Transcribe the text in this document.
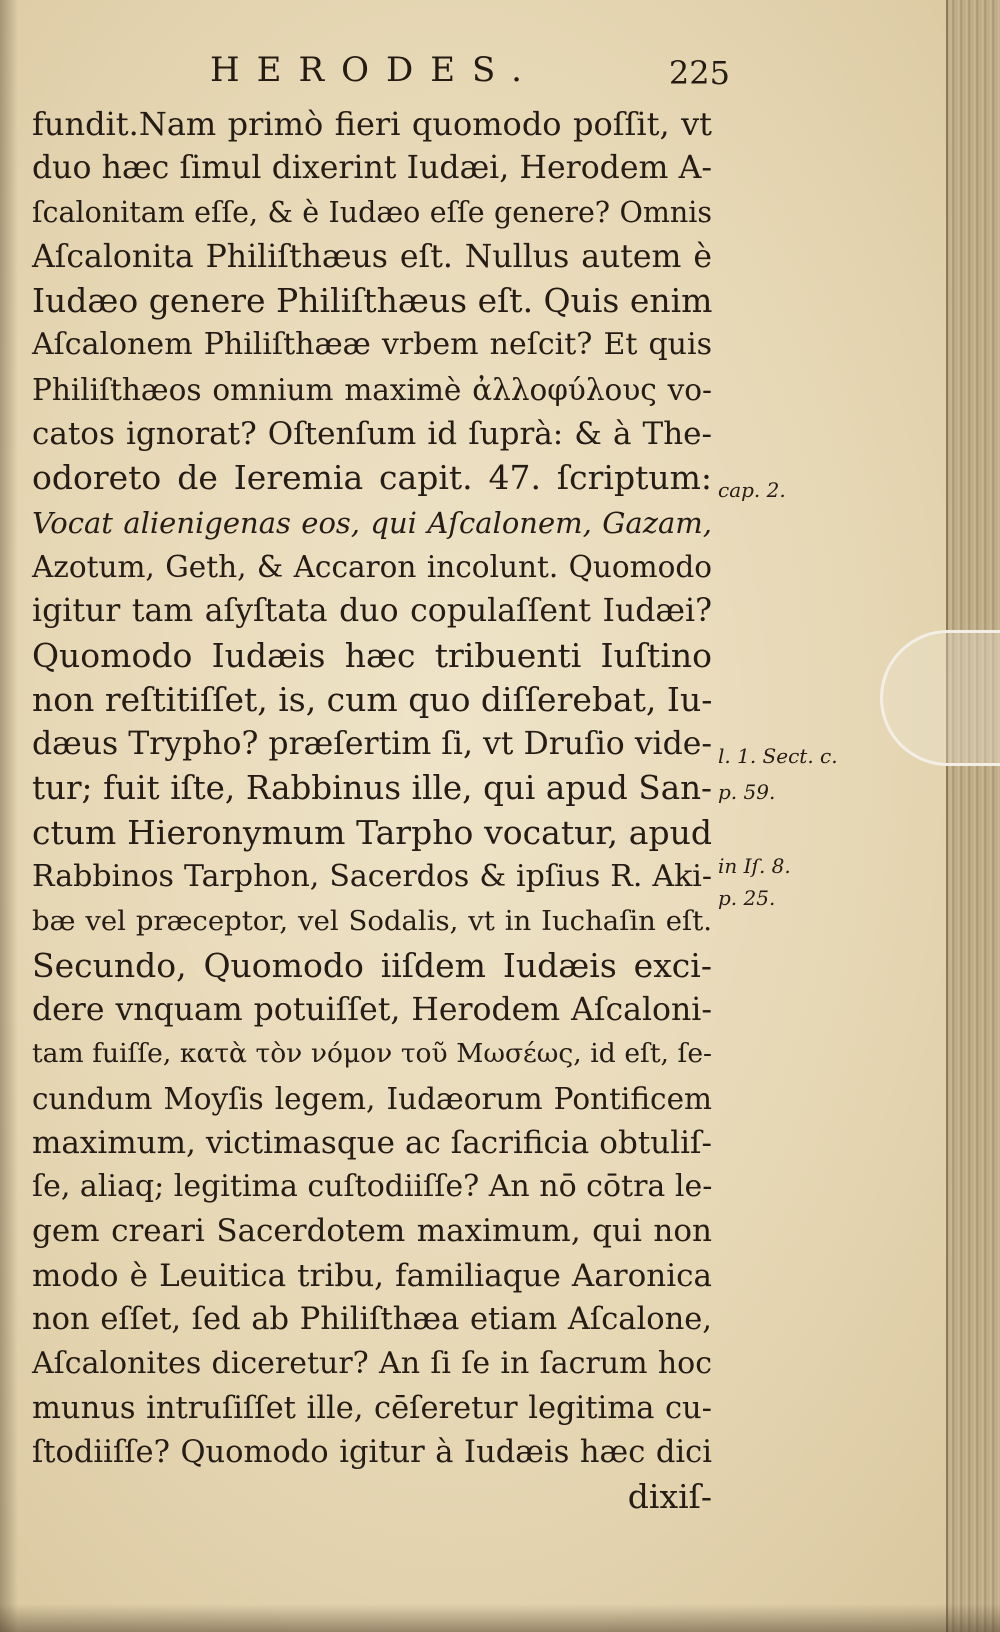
HERODES.	225
fundit.Nam primò fieri quomodo poſſit, vt
duo hæc ſimul dixerint Iudæi, Herodem A-
ſcalonitam eſſe, & è Iudæo eſſe genere? Omnis
Aſcalonita Philiſthæus eſt. Nullus autem è
Iudæo genere Philiſthæus eſt. Quis enim
Aſcalonem Philiſthææ vrbem neſcit? Et quis
Philiſthæos omnium maximè ἀλλοφύλους vo-
catos ignorat? Oſtenſum id ſuprà: & à The-
odoreto de Ieremia capit. 47. ſcriptum:
Vocat alienigenas eos, qui Aſcalonem, Gazam,
Azotum, Geth, & Accaron incolunt. Quomodo
igitur tam aſyſtata duo copulaſſent Iudæi?
Quomodo Iudæis hæc tribuenti Iuſtino
non reſtitiſſet, is, cum quo diſſerebat, Iu-
dæus Trypho? præſertim ſi, vt Druſio vide-
tur; fuit iſte, Rabbinus ille, qui apud San-
ctum Hieronymum Tarpho vocatur, apud
Rabbinos Tarphon, Sacerdos & ipſius R. Aki-
bæ vel præceptor, vel Sodalis, vt in Iuchaſin eſt.
Secundo, Quomodo iiſdem Iudæis exci-
dere vnquam potuiſſet, Herodem Aſcaloni-
tam fuiſſe, κατὰ τὸν νόμον τοῦ Μωσέως, id eſt, ſe-
cundum Moyſis legem, Iudæorum Pontificem
maximum, victimasque ac ſacrificia obtuliſ-
ſe, aliaq; legitima cuſtodiiſſe? An nō cōtra le-
gem creari Sacerdotem maximum, qui non
modo è Leuitica tribu, familiaque Aaronica
non eſſet, ſed ab Philiſthæa etiam Aſcalone,
Aſcalonites diceretur? An ſi ſe in ſacrum hoc
munus intruſiſſet ille, cēſeretur legitima cu-
ſtodiiſſe? Quomodo igitur à Iudæis hæc dici
dixiſ-
cap. 2.
l. 1. Sect. c.
p. 59.
in Iſ. 8.
p. 25.
